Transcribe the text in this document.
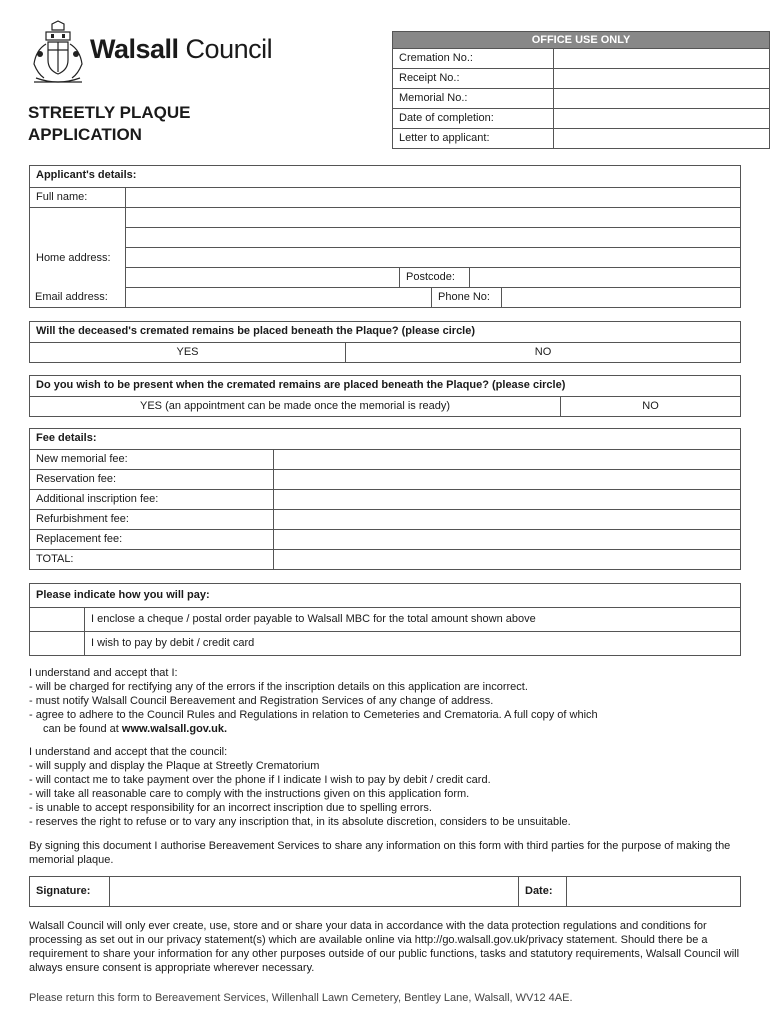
Walsall Council
STREETLY PLAQUE
APPLICATION
OFFICE USE ONLY
Cremation No.:
Receipt No.:
Memorial No.:
Date of completion:
Letter to applicant:
Applicant's details:
Full name:
Home address:
Postcode:
Phone No:
Email address:
Will the deceased's cremated remains be placed beneath the Plaque? (please circle)
YES	NO
Do you wish to be present when the cremated remains are placed beneath the Plaque? (please circle)
YES (an appointment can be made once the memorial is ready)	NO
Fee details:
New memorial fee:
Reservation fee:
Additional inscription fee:
Refurbishment fee:
Replacement fee:
TOTAL:
Please indicate how you will pay:
I enclose a cheque / postal order payable to Walsall MBC for the total amount shown above
I wish to pay by debit / credit card
I understand and accept that I:
- will be charged for rectifying any of the errors if the inscription details on this application are incorrect.
- must notify Walsall Council Bereavement and Registration Services of any change of address.
- agree to adhere to the Council Rules and Regulations in relation to Cemeteries and Crematoria. A full copy of which
can be found at www.walsall.gov.uk.
I understand and accept that the council:
- will supply and display the Plaque at Streetly Crematorium
- will contact me to take payment over the phone if I indicate I wish to pay by debit / credit card.
- will take all reasonable care to comply with the instructions given on this application form.
- is unable to accept responsibility for an incorrect inscription due to spelling errors.
- reserves the right to refuse or to vary any inscription that, in its absolute discretion, considers to be unsuitable.
By signing this document I authorise Bereavement Services to share any information on this form with third parties for the purpose of making the memorial plaque.
Signature:	Date:
Walsall Council will only ever create, use, store and or share your data in accordance with the data protection regulations and conditions for processing as set out in our privacy statement(s) which are available online via http://go.walsall.gov.uk/privacy statement. Should there be a requirement to share your information for any other purposes outside of our public functions, tasks and statutory requirements, Walsall Council will always ensure consent is appropriate wherever necessary.
Please return this form to Bereavement Services, Willenhall Lawn Cemetery, Bentley Lane, Walsall, WV12 4AE.
